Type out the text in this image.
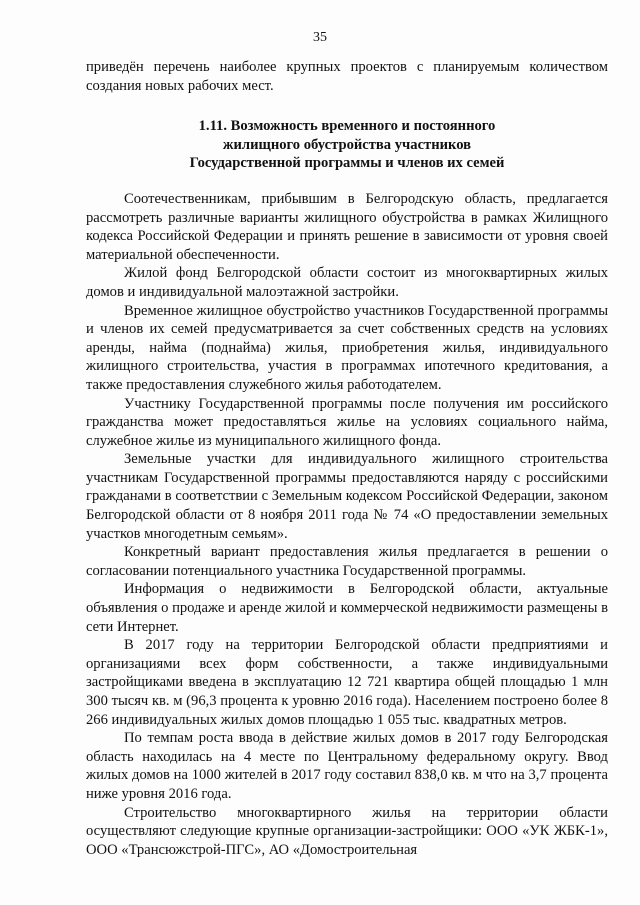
35

приведён перечень наиболее крупных проектов с планируемым количеством создания новых рабочих мест.

1.11. Возможность временного и постоянного
жилищного обустройства участников
Государственной программы и членов их семей

Соотечественникам, прибывшим в Белгородскую область, предлагается рассмотреть различные варианты жилищного обустройства в рамках Жилищного кодекса Российской Федерации и принять решение в зависимости от уровня своей материальной обеспеченности.

Жилой фонд Белгородской области состоит из многоквартирных жилых домов и индивидуальной малоэтажной застройки.

Временное жилищное обустройство участников Государственной программы и членов их семей предусматривается за счет собственных средств на условиях аренды, найма (поднайма) жилья, приобретения жилья, индивидуального жилищного строительства, участия в программах ипотечного кредитования, а также предоставления служебного жилья работодателем.

Участнику Государственной программы после получения им российского гражданства может предоставляться жилье на условиях социального найма, служебное жилье из муниципального жилищного фонда.

Земельные участки для индивидуального жилищного строительства участникам Государственной программы предоставляются наряду с российскими гражданами в соответствии с Земельным кодексом Российской Федерации, законом Белгородской области от 8 ноября 2011 года № 74 «О предоставлении земельных участков многодетным семьям».

Конкретный вариант предоставления жилья предлагается в решении о согласовании потенциального участника Государственной программы.

Информация о недвижимости в Белгородской области, актуальные объявления о продаже и аренде жилой и коммерческой недвижимости размещены в сети Интернет.

В 2017 году на территории Белгородской области предприятиями и организациями всех форм собственности, а также индивидуальными застройщиками введена в эксплуатацию 12 721 квартира общей площадью 1 млн 300 тысяч кв. м (96,3 процента к уровню 2016 года). Населением построено более 8 266 индивидуальных жилых домов площадью 1 055 тыс. квадратных метров.

По темпам роста ввода в действие жилых домов в 2017 году Белгородская область находилась на 4 месте по Центральному федеральному округу. Ввод жилых домов на 1000 жителей в 2017 году составил 838,0 кв. м что на 3,7 процента ниже уровня 2016 года.

Строительство многоквартирного жилья на территории области осуществляют следующие крупные организации-застройщики: ООО «УК ЖБК-1», ООО «Трансюжстрой-ПГС», АО «Домостроительная
